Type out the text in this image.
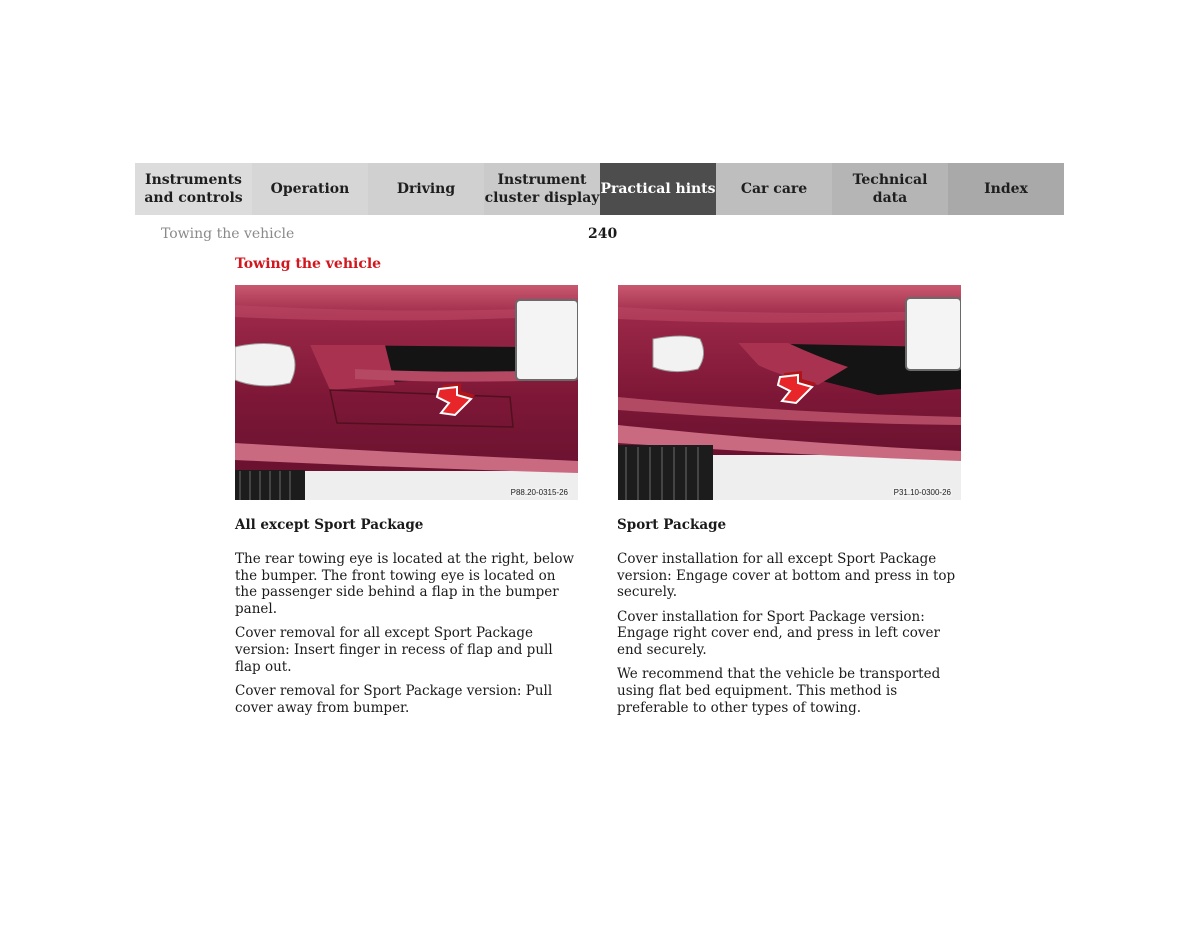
Instruments
and controls
Operation	Driving
Instrument
cluster display
Practical hints Car care
Technical
data
Index
Towing the vehicle	240
Towing the vehicle
P88.20-0315-26	P31.10-0300-26
All except Sport Package

The rear towing eye is located at the right, below the bumper. The front towing eye is located on the passenger side behind a flap in the bumper panel.

Cover removal for all except Sport Package version: Insert finger in recess of flap and pull flap out.

Cover removal for Sport Package version: Pull cover away from bumper.

Sport Package

Cover installation for all except Sport Package version: Engage cover at bottom and press in top securely.

Cover installation for Sport Package version: Engage right cover end, and press in left cover end securely.

We recommend that the vehicle be transported using flat bed equipment. This method is preferable to other types of towing.
